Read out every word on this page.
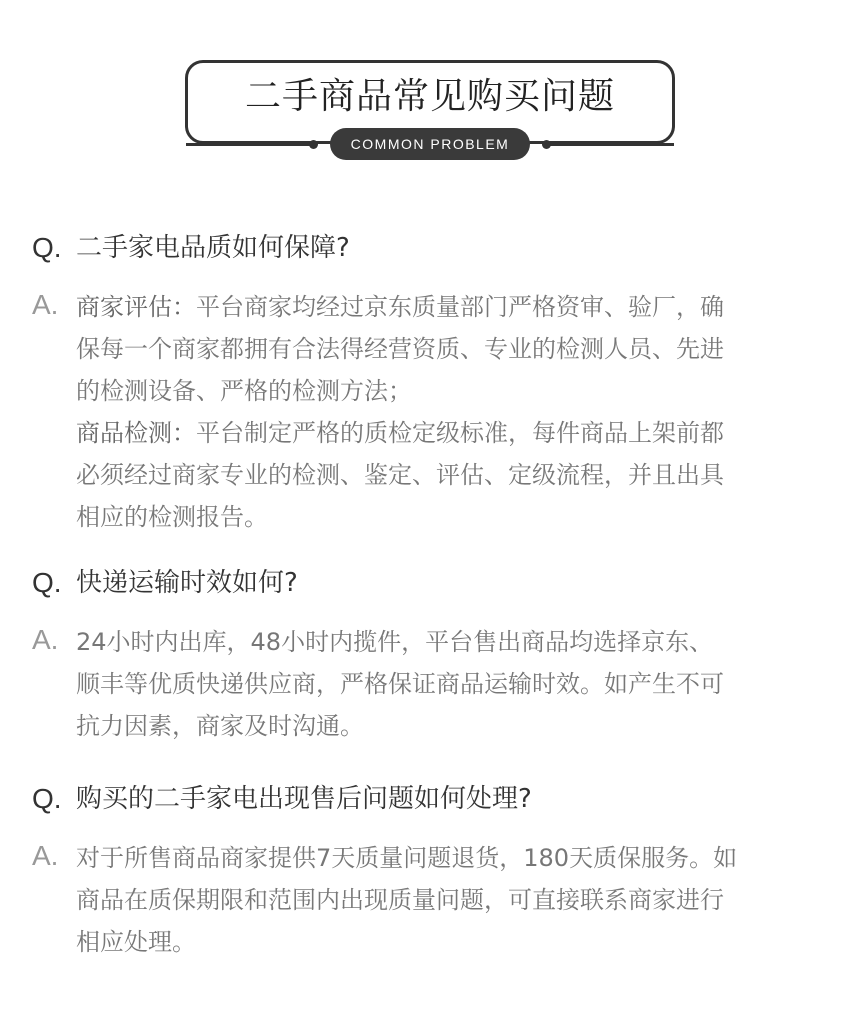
二手商品常见购买问题
COMMON PROBLEM
Q. 二手家电品质如何保障?
A. 商家评估：平台商家均经过京东质量部门严格资审、验厂，确
保每一个商家都拥有合法得经营资质、专业的检测人员、先进
的检测设备、严格的检测方法；
商品检测：平台制定严格的质检定级标准，每件商品上架前都
必须经过商家专业的检测、鉴定、评估、定级流程，并且出具
相应的检测报告。
Q. 快递运输时效如何?
A. 24小时内出库，48小时内揽件，平台售出商品均选择京东、
顺丰等优质快递供应商，严格保证商品运输时效。如产生不可
抗力因素，商家及时沟通。
Q. 购买的二手家电出现售后问题如何处理?
A. 对于所售商品商家提供7天质量问题退货，180天质保服务。如
商品在质保期限和范围内出现质量问题，可直接联系商家进行
相应处理。
